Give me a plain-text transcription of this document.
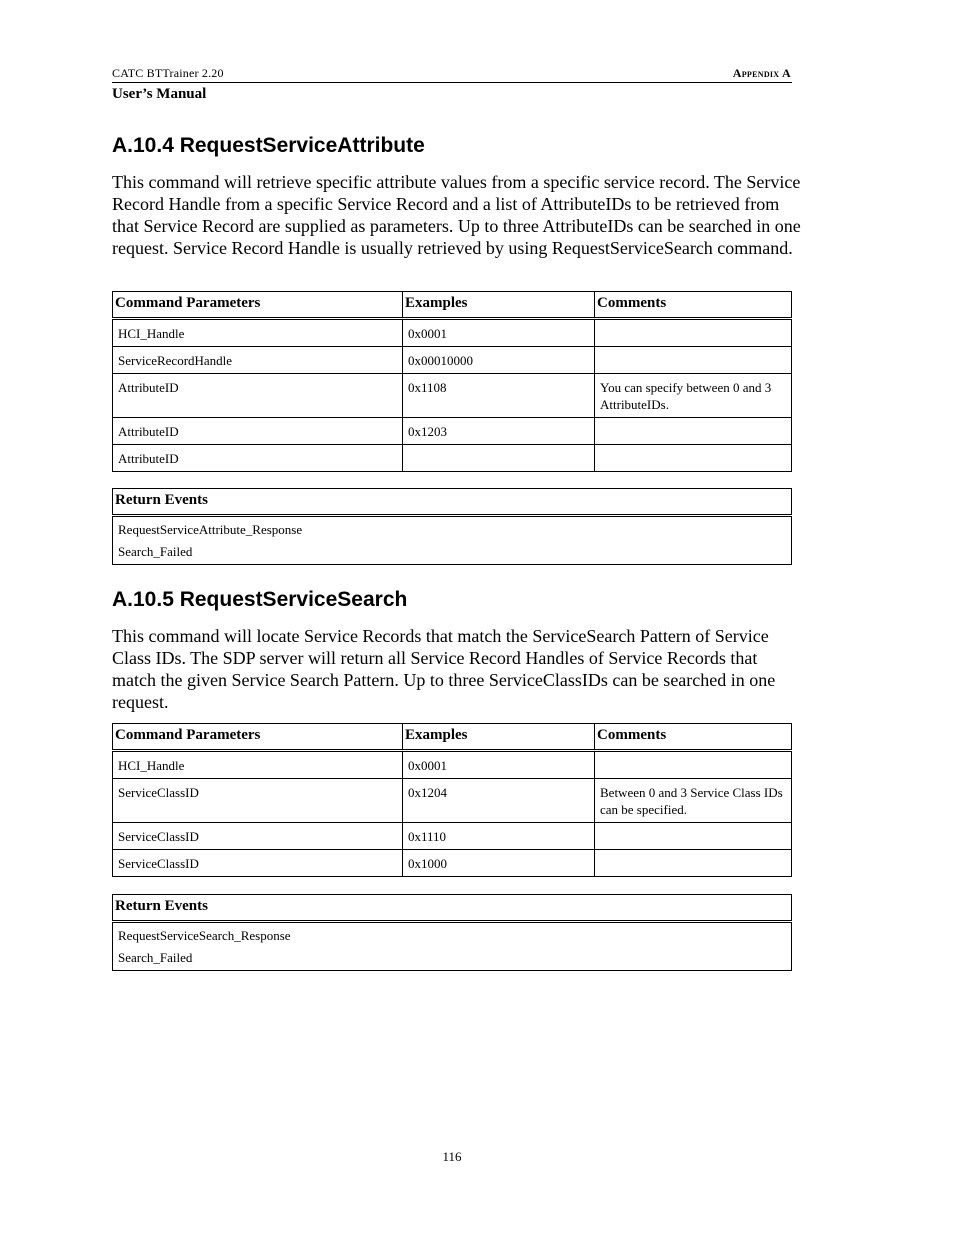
CATC BTTrainer 2.20	Appendix A
User’s Manual
A.10.4 RequestServiceAttribute

This command will retrieve specific attribute values from a specific service record. The Service Record Handle from a specific Service Record and a list of AttributeIDs to be retrieved from that Service Record are supplied as parameters. Up to three AttributeIDs can be searched in one request. Service Record Handle is usually retrieved by using RequestServiceSearch command.

Command Parameters	Examples	Comments
HCI_Handle	0x0001	
ServiceRecordHandle	0x00010000	
AttributeID	0x1108	You can specify between 0 and 3 AttributeIDs.
AttributeID	0x1203	
AttributeID		
Return Events
RequestServiceAttribute_Response
Search_Failed
A.10.5 RequestServiceSearch

This command will locate Service Records that match the ServiceSearch Pattern of Service Class IDs. The SDP server will return all Service Record Handles of Service Records that match the given Service Search Pattern. Up to three ServiceClassIDs can be searched in one request.

Command Parameters	Examples	Comments
HCI_Handle	0x0001	
ServiceClassID	0x1204	Between 0 and 3 Service Class IDs can be specified.
ServiceClassID	0x1110	
ServiceClassID	0x1000	
Return Events
RequestServiceSearch_Response
Search_Failed
116
